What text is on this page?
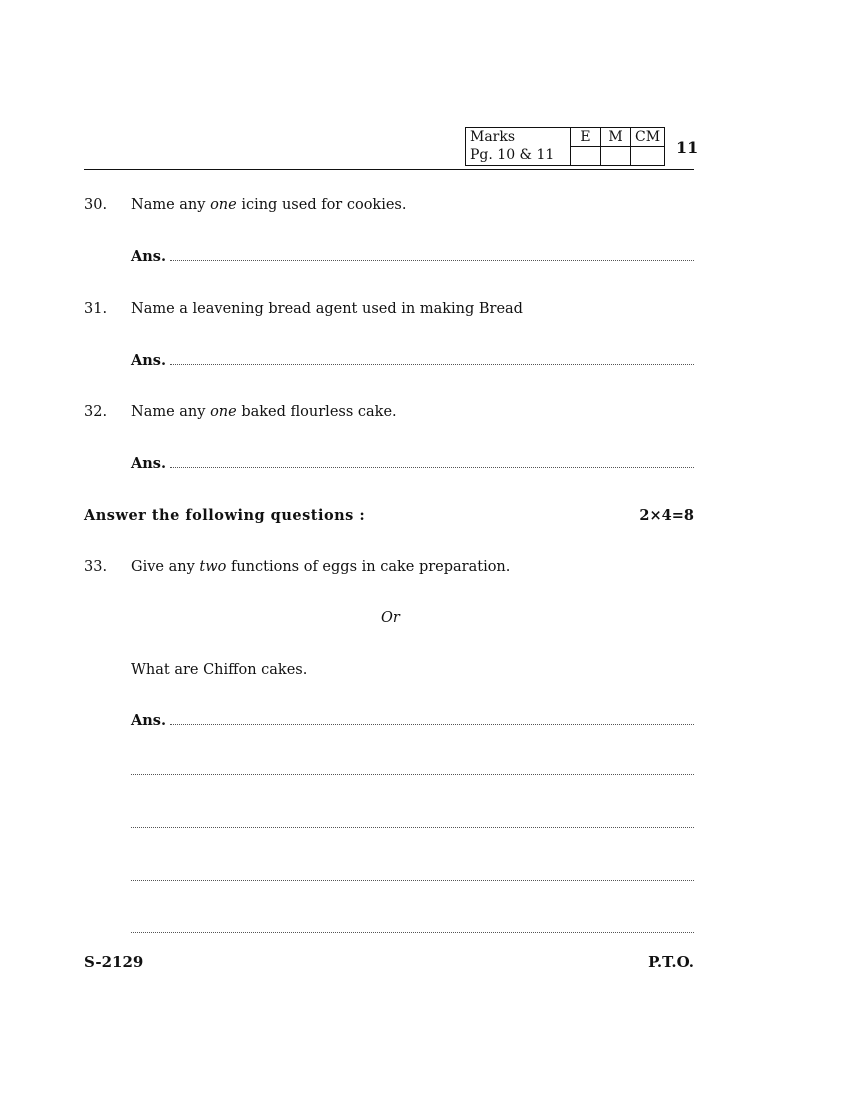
Marks	E	M	CM
Pg. 10 & 11				11
30. Name any one icing used for cookies.
Ans.
31. Name a leavening bread agent used in making Bread
Ans.
32. Name any one baked flourless cake.
Ans.
Answer the following questions :	2×4=8
33. Give any two functions of eggs in cake preparation.
Or
What are Chiffon cakes.
Ans.
S-2129	P.T.O.
